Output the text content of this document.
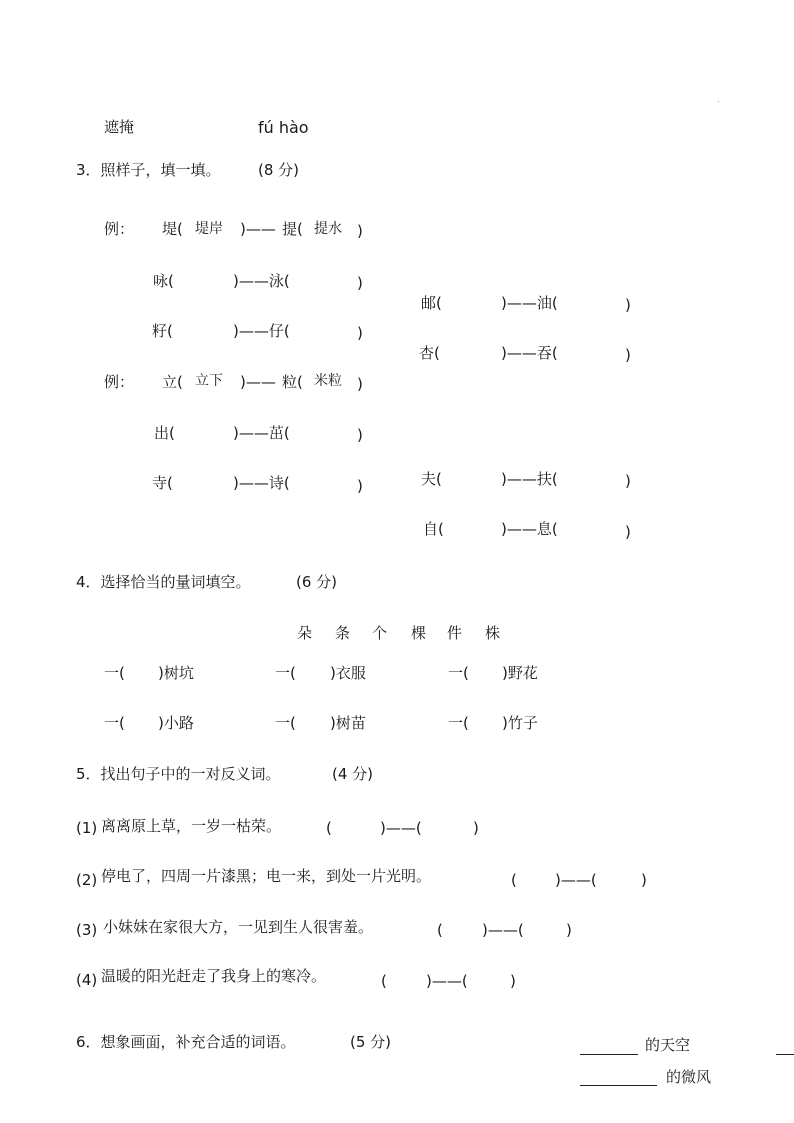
遮掩	fú hào
3．照样子，填一填。 (8 分)
例： 堤( 堤岸 )—— 提( 提水 )
咏(	)——泳(	)
籽(	)——仔(	)
例： 立( 立下 )—— 粒( 米粒 )
出(	)——茁(	)
寺(	)——诗(	)
邮(	)——油(	)
杏(	)——吞(	)
夫(	)——扶(	)
自(	)——息(	)
4．选择恰当的量词填空。	(6 分)
朵 条 个 棵 件 株
一( )树坑	一( )衣服	一( )野花
一( )小路	一( )树苗	一( )竹子
5．找出句子中的一对反义词。	(4 分)
(1) 离离原上草，一岁一枯荣。	(	)——(	)
(2) 停电了，四周一片漆黑；电一来，到处一片光明。	(	)——(	)
(3) 小妹妹在家很大方，一见到生人很害羞。	(	)——(	)
(4) 温暖的阳光赶走了我身上的寒冷。	(	)——(	)
6．想象画面，补充合适的词语。	(5 分)	的天空
的微风
